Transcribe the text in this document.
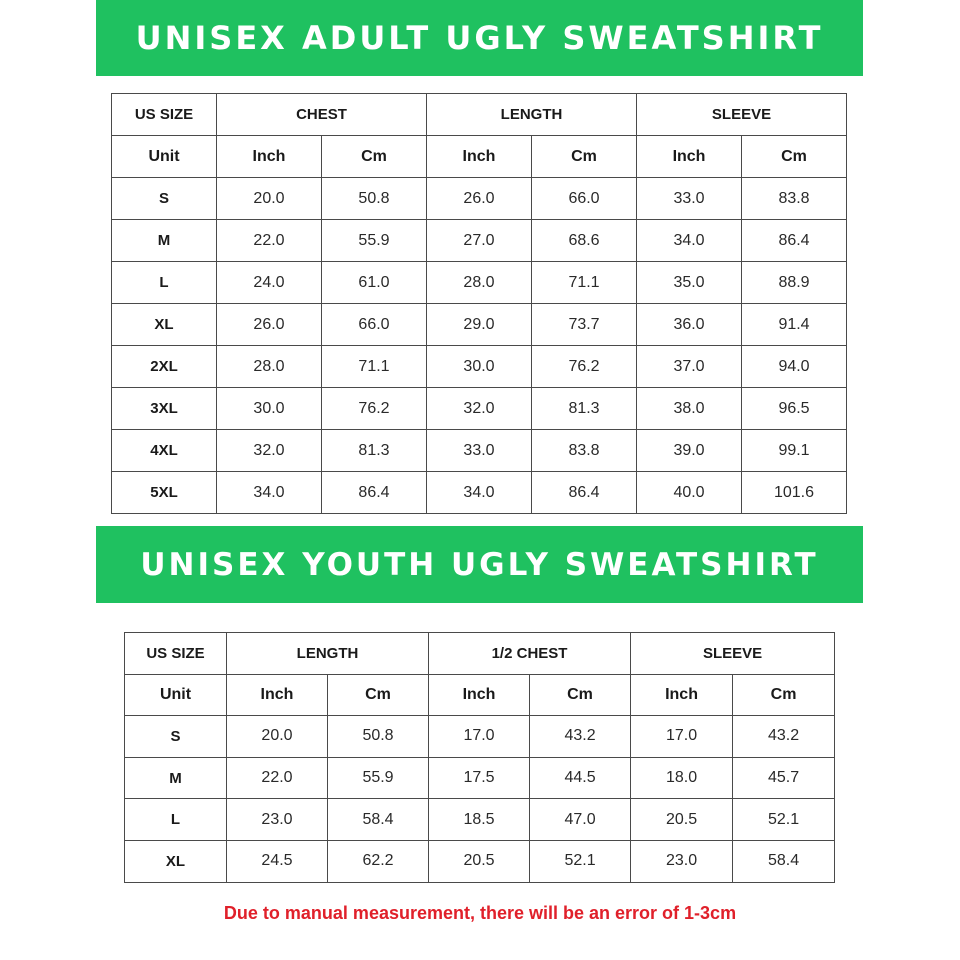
UNISEX ADULT UGLY SWEATSHIRT
US SIZE	CHEST		LENGTH		SLEEVE	
Unit	Inch	Cm	Inch	Cm	Inch	Cm
S	20.0	50.8	26.0	66.0	33.0	83.8
M	22.0	55.9	27.0	68.6	34.0	86.4
L	24.0	61.0	28.0	71.1	35.0	88.9
XL	26.0	66.0	29.0	73.7	36.0	91.4
2XL	28.0	71.1	30.0	76.2	37.0	94.0
3XL	30.0	76.2	32.0	81.3	38.0	96.5
4XL	32.0	81.3	33.0	83.8	39.0	99.1
5XL	34.0	86.4	34.0	86.4	40.0	101.6
UNISEX YOUTH UGLY SWEATSHIRT
US SIZE	LENGTH		1/2 CHEST		SLEEVE	
Unit	Inch	Cm	Inch	Cm	Inch	Cm
S	20.0	50.8	17.0	43.2	17.0	43.2
M	22.0	55.9	17.5	44.5	18.0	45.7
L	23.0	58.4	18.5	47.0	20.5	52.1
XL	24.5	62.2	20.5	52.1	23.0	58.4
Due to manual measurement, there will be an error of 1-3cm
